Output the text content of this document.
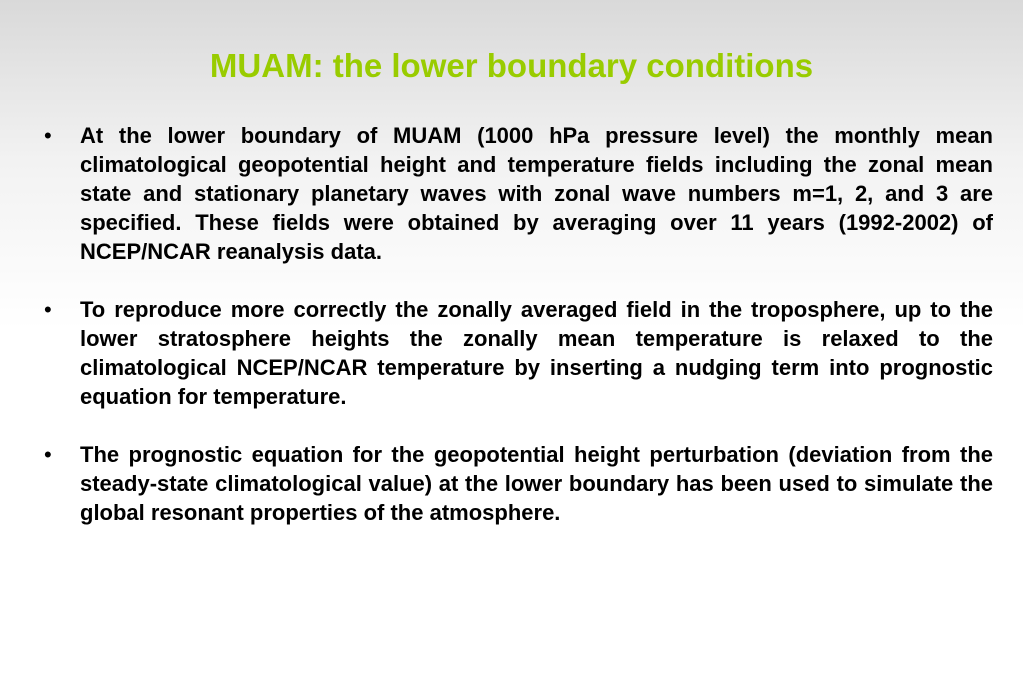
MUAM: the lower boundary conditions
• At the lower boundary of MUAM (1000 hPa pressure level) the monthly mean climatological geopotential height and temperature fields including the zonal mean state and stationary planetary waves with zonal wave numbers m=1, 2, and 3 are specified. These fields were obtained by averaging over 11 years (1992-2002) of NCEP/NCAR reanalysis data.
• To reproduce more correctly the zonally averaged field in the troposphere, up to the lower stratosphere heights the zonally mean temperature is relaxed to the climatological NCEP/NCAR temperature by inserting a nudging term into prognostic equation for temperature.
• The prognostic equation for the geopotential height perturbation (deviation from the steady-state climatological value) at the lower boundary has been used to simulate the global resonant properties of the atmosphere.
